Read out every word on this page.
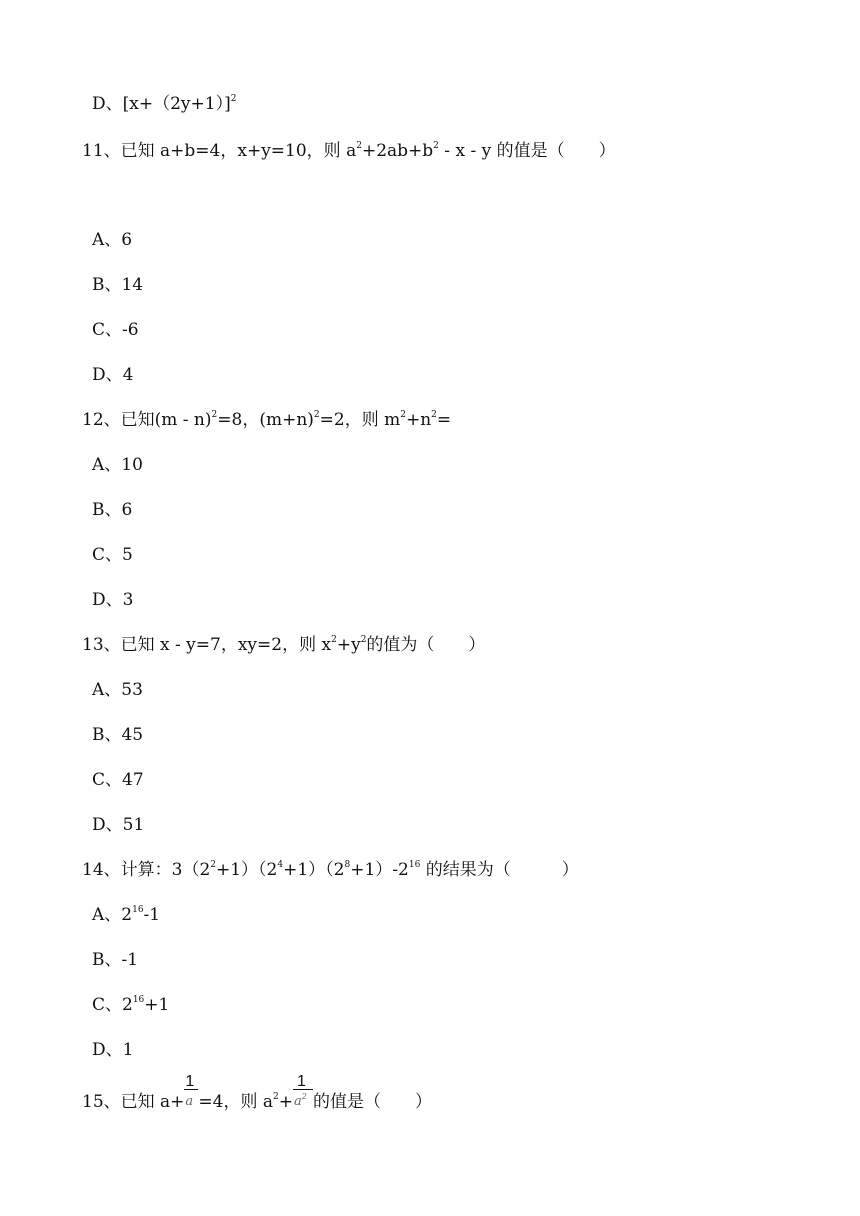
D、$[x+(2y+1)]^2$
11、已知 a+b=4，x+y=10，则 $a^2+2ab+b^2 - x - y$ 的值是（　　）
A、6
B、14
C、-6
D、4
12、已知(m - n)$^2$=8，$(m+n)^2=2$，则 $m^2+n^2=$
A、10
B、6
C、5
D、3
13、已知 x - y=7，xy=2，则 $x^2+y^2$的值为（　　）
A、53
B、45
C、47
D、51
14、计算：$3(2^2+1)(2^4+1)(2^8+1)-2^{16}$ 的结果为（　　　）
A、$2^{16}-1$
B、-1
C、$2^{16}+1$
D、1
15、已知 $a+ \frac{1}{a} =4$，则 $a^2+ \frac{1}{a^2}$ 的值是（　　）
